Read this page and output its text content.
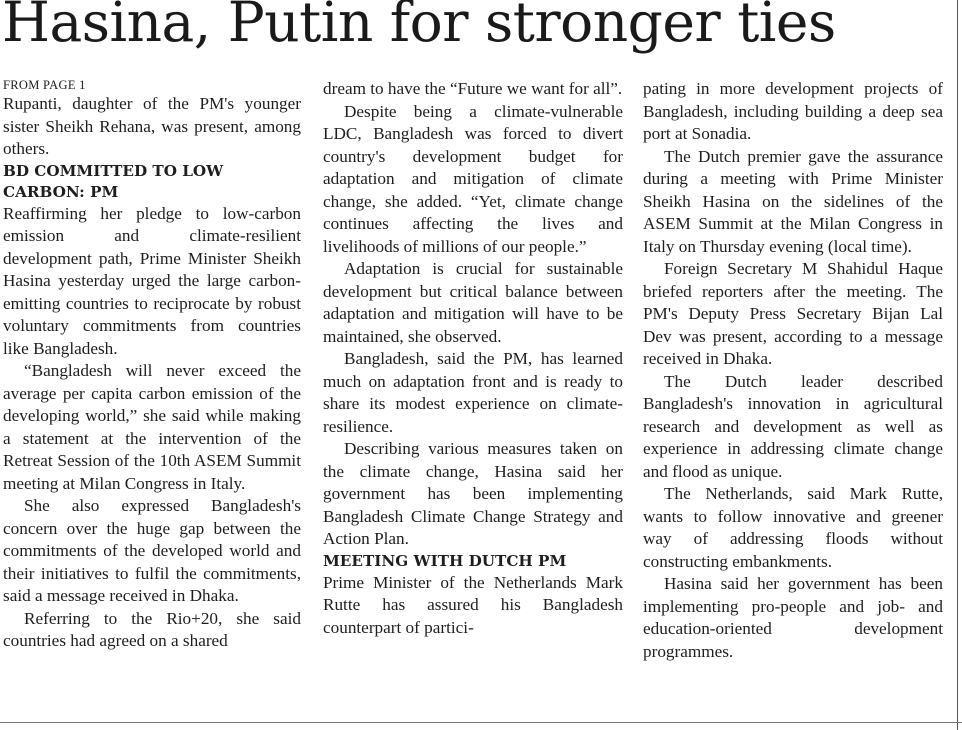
Hasina, Putin for stronger ties

FROM PAGE 1

Rupanti, daughter of the PM's younger sister Sheikh Rehana, was present, among others.

BD COMMITTED TO LOW CARBON: PM

Reaffirming her pledge to low-carbon emission and climate-resilient development path, Prime Minister Sheikh Hasina yesterday urged the large carbon-emitting countries to reciprocate by robust voluntary commitments from countries like Bangladesh.

“Bangladesh will never exceed the average per capita carbon emission of the developing world,” she said while making a statement at the intervention of the Retreat Session of the 10th ASEM Summit meeting at Milan Congress in Italy.

She also expressed Bangladesh's concern over the huge gap between the commitments of the developed world and their initiatives to fulfil the commitments, said a message received in Dhaka.

Referring to the Rio+20, she said countries had agreed on a shared

dream to have the “Future we want for all”.

Despite being a climate-vulnerable LDC, Bangladesh was forced to divert country's development budget for adaptation and mitigation of climate change, she added. “Yet, climate change continues affecting the lives and livelihoods of millions of our people.”

Adaptation is crucial for sustainable development but critical balance between adaptation and mitigation will have to be maintained, she observed.

Bangladesh, said the PM, has learned much on adaptation front and is ready to share its modest experience on climate-resilience.

Describing various measures taken on the climate change, Hasina said her government has been implementing Bangladesh Climate Change Strategy and Action Plan.

MEETING WITH DUTCH PM

Prime Minister of the Netherlands Mark Rutte has assured his Bangladesh counterpart of partici-

pating in more development projects of Bangladesh, including building a deep sea port at Sonadia.

The Dutch premier gave the assurance during a meeting with Prime Minister Sheikh Hasina on the sidelines of the ASEM Summit at the Milan Congress in Italy on Thursday evening (local time).

Foreign Secretary M Shahidul Haque briefed reporters after the meeting. The PM's Deputy Press Secretary Bijan Lal Dev was present, according to a message received in Dhaka.

The Dutch leader described Bangladesh's innovation in agricultural research and development as well as experience in addressing climate change and flood as unique.

The Netherlands, said Mark Rutte, wants to follow innovative and greener way of addressing floods without constructing embankments.

Hasina said her government has been implementing pro-people and job- and education-oriented development programmes.
